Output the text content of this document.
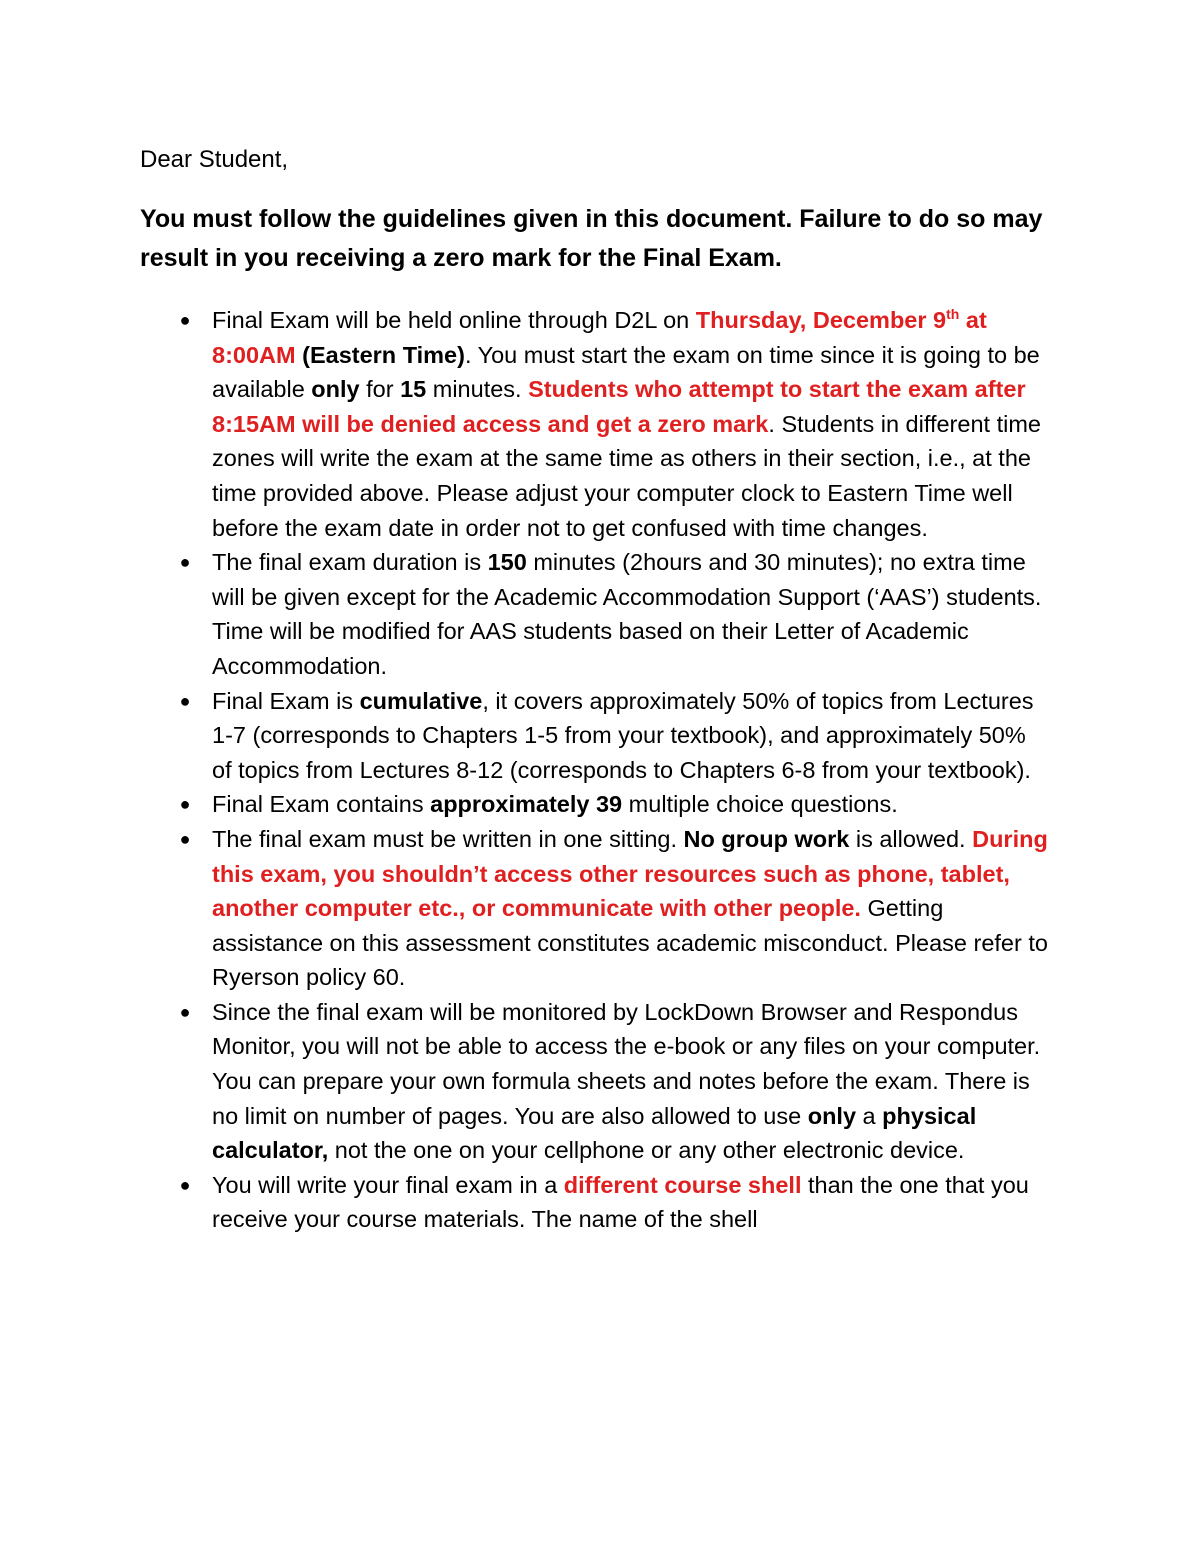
Dear Student,

You must follow the guidelines given in this document. Failure to do so may result in you receiving a zero mark for the Final Exam.

● Final Exam will be held online through D2L on Thursday, December 9th at 8:00AM (Eastern Time). You must start the exam on time since it is going to be available only for 15 minutes. Students who attempt to start the exam after 8:15AM will be denied access and get a zero mark. Students in different time zones will write the exam at the same time as others in their section, i.e., at the time provided above. Please adjust your computer clock to Eastern Time well before the exam date in order not to get confused with time changes.
● The final exam duration is 150 minutes (2hours and 30 minutes); no extra time will be given except for the Academic Accommodation Support (‘AAS’) students. Time will be modified for AAS students based on their Letter of Academic Accommodation.
● Final Exam is cumulative, it covers approximately 50% of topics from Lectures 1-7 (corresponds to Chapters 1-5 from your textbook), and approximately 50% of topics from Lectures 8-12 (corresponds to Chapters 6-8 from your textbook).
● Final Exam contains approximately 39 multiple choice questions.
● The final exam must be written in one sitting. No group work is allowed. During this exam, you shouldn’t access other resources such as phone, tablet, another computer etc., or communicate with other people. Getting assistance on this assessment constitutes academic misconduct. Please refer to Ryerson policy 60.
● Since the final exam will be monitored by LockDown Browser and Respondus Monitor, you will not be able to access the e-book or any files on your computer. You can prepare your own formula sheets and notes before the exam. There is no limit on number of pages. You are also allowed to use only a physical calculator, not the one on your cellphone or any other electronic device.
● You will write your final exam in a different course shell than the one that you receive your course materials. The name of the shell
